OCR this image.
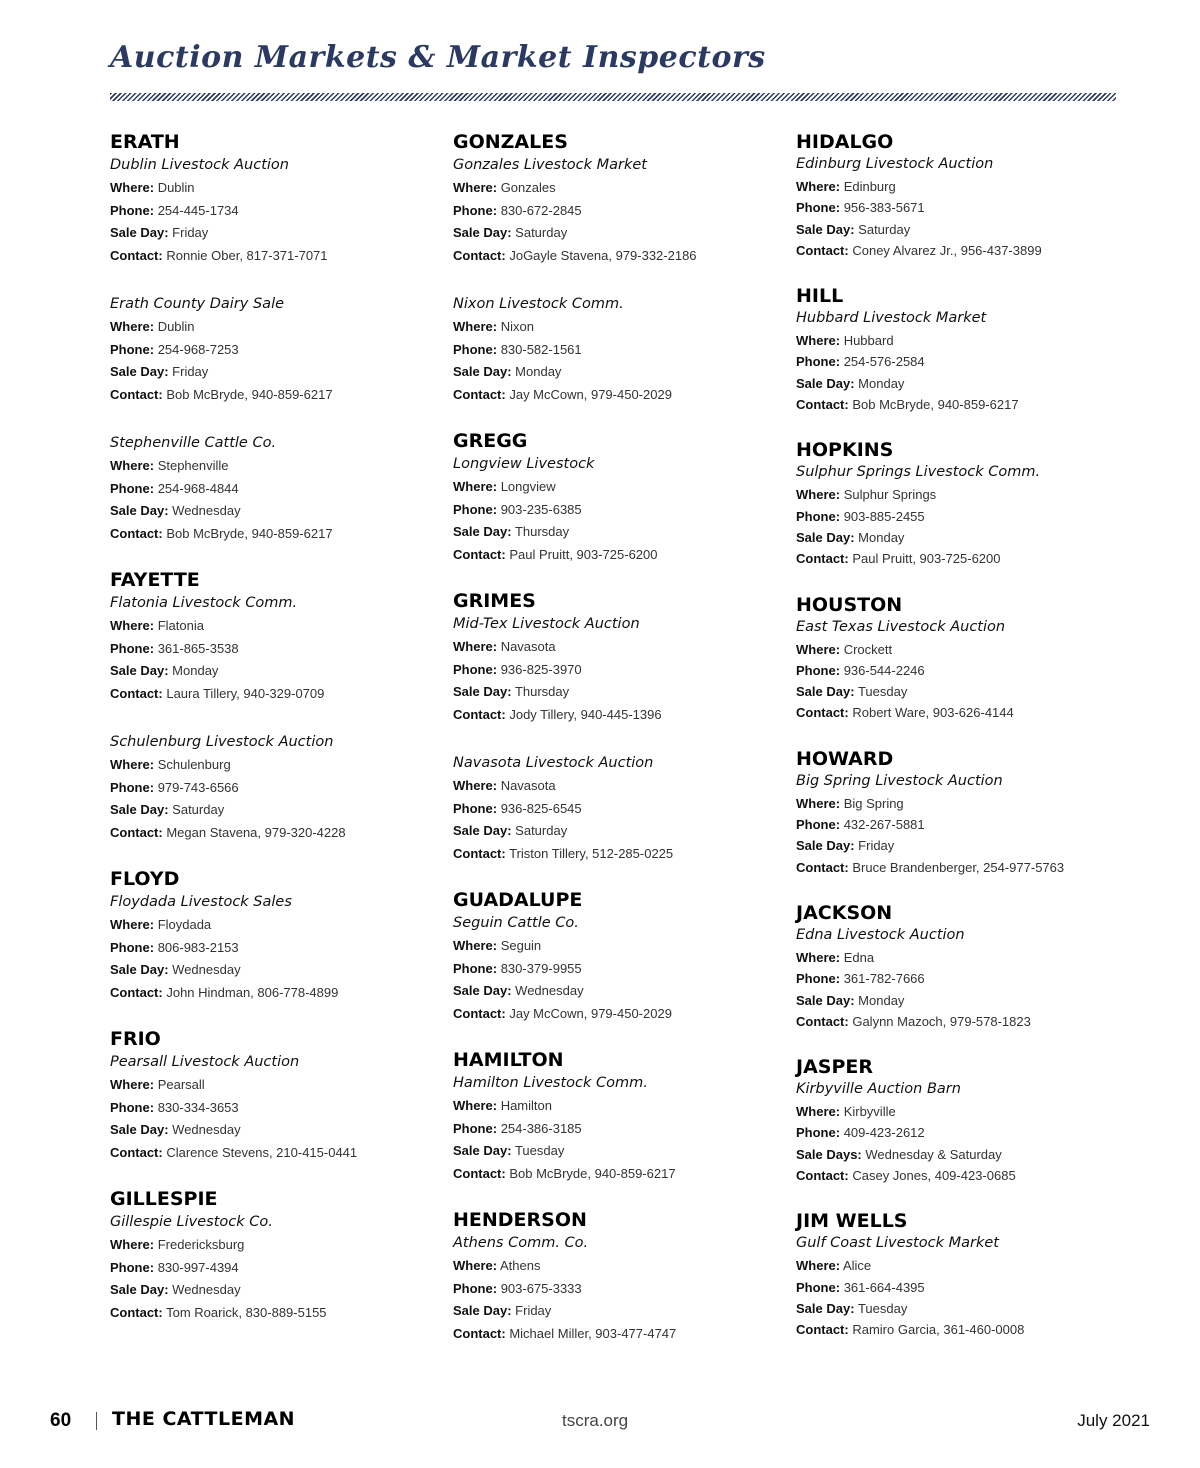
Auction Markets & Market Inspectors
ERATH
Dublin Livestock Auction
Where: Dublin
Phone: 254-445-1734
Sale Day: Friday
Contact: Ronnie Ober, 817-371-7071
Erath County Dairy Sale
Where: Dublin
Phone: 254-968-7253
Sale Day: Friday
Contact: Bob McBryde, 940-859-6217
Stephenville Cattle Co.
Where: Stephenville
Phone: 254-968-4844
Sale Day: Wednesday
Contact: Bob McBryde, 940-859-6217
FAYETTE
Flatonia Livestock Comm.
Where: Flatonia
Phone: 361-865-3538
Sale Day: Monday
Contact: Laura Tillery, 940-329-0709
Schulenburg Livestock Auction
Where: Schulenburg
Phone: 979-743-6566
Sale Day: Saturday
Contact: Megan Stavena, 979-320-4228
FLOYD
Floydada Livestock Sales
Where: Floydada
Phone: 806-983-2153
Sale Day: Wednesday
Contact: John Hindman, 806-778-4899
FRIO
Pearsall Livestock Auction
Where: Pearsall
Phone: 830-334-3653
Sale Day: Wednesday
Contact: Clarence Stevens, 210-415-0441
GILLESPIE
Gillespie Livestock Co.
Where: Fredericksburg
Phone: 830-997-4394
Sale Day: Wednesday
Contact: Tom Roarick, 830-889-5155
GONZALES
Gonzales Livestock Market
Where: Gonzales
Phone: 830-672-2845
Sale Day: Saturday
Contact: JoGayle Stavena, 979-332-2186
Nixon Livestock Comm.
Where: Nixon
Phone: 830-582-1561
Sale Day: Monday
Contact: Jay McCown, 979-450-2029
GREGG
Longview Livestock
Where: Longview
Phone: 903-235-6385
Sale Day: Thursday
Contact: Paul Pruitt, 903-725-6200
GRIMES
Mid-Tex Livestock Auction
Where: Navasota
Phone: 936-825-3970
Sale Day: Thursday
Contact: Jody Tillery, 940-445-1396
Navasota Livestock Auction
Where: Navasota
Phone: 936-825-6545
Sale Day: Saturday
Contact: Triston Tillery, 512-285-0225
GUADALUPE
Seguin Cattle Co.
Where: Seguin
Phone: 830-379-9955
Sale Day: Wednesday
Contact: Jay McCown, 979-450-2029
HAMILTON
Hamilton Livestock Comm.
Where: Hamilton
Phone: 254-386-3185
Sale Day: Tuesday
Contact: Bob McBryde, 940-859-6217
HENDERSON
Athens Comm. Co.
Where: Athens
Phone: 903-675-3333
Sale Day: Friday
Contact: Michael Miller, 903-477-4747
HIDALGO
Edinburg Livestock Auction
Where: Edinburg
Phone: 956-383-5671
Sale Day: Saturday
Contact: Coney Alvarez Jr., 956-437-3899
HILL
Hubbard Livestock Market
Where: Hubbard
Phone: 254-576-2584
Sale Day: Monday
Contact: Bob McBryde, 940-859-6217
HOPKINS
Sulphur Springs Livestock Comm.
Where: Sulphur Springs
Phone: 903-885-2455
Sale Day: Monday
Contact: Paul Pruitt, 903-725-6200
HOUSTON
East Texas Livestock Auction
Where: Crockett
Phone: 936-544-2246
Sale Day: Tuesday
Contact: Robert Ware, 903-626-4144
HOWARD
Big Spring Livestock Auction
Where: Big Spring
Phone: 432-267-5881
Sale Day: Friday
Contact: Bruce Brandenberger, 254-977-5763
JACKSON
Edna Livestock Auction
Where: Edna
Phone: 361-782-7666
Sale Day: Monday
Contact: Galynn Mazoch, 979-578-1823
JASPER
Kirbyville Auction Barn
Where: Kirbyville
Phone: 409-423-2612
Sale Days: Wednesday & Saturday
Contact: Casey Jones, 409-423-0685
JIM WELLS
Gulf Coast Livestock Market
Where: Alice
Phone: 361-664-4395
Sale Day: Tuesday
Contact: Ramiro Garcia, 361-460-0008
60 THE CATTLEMAN	tscra.org	July 2021
